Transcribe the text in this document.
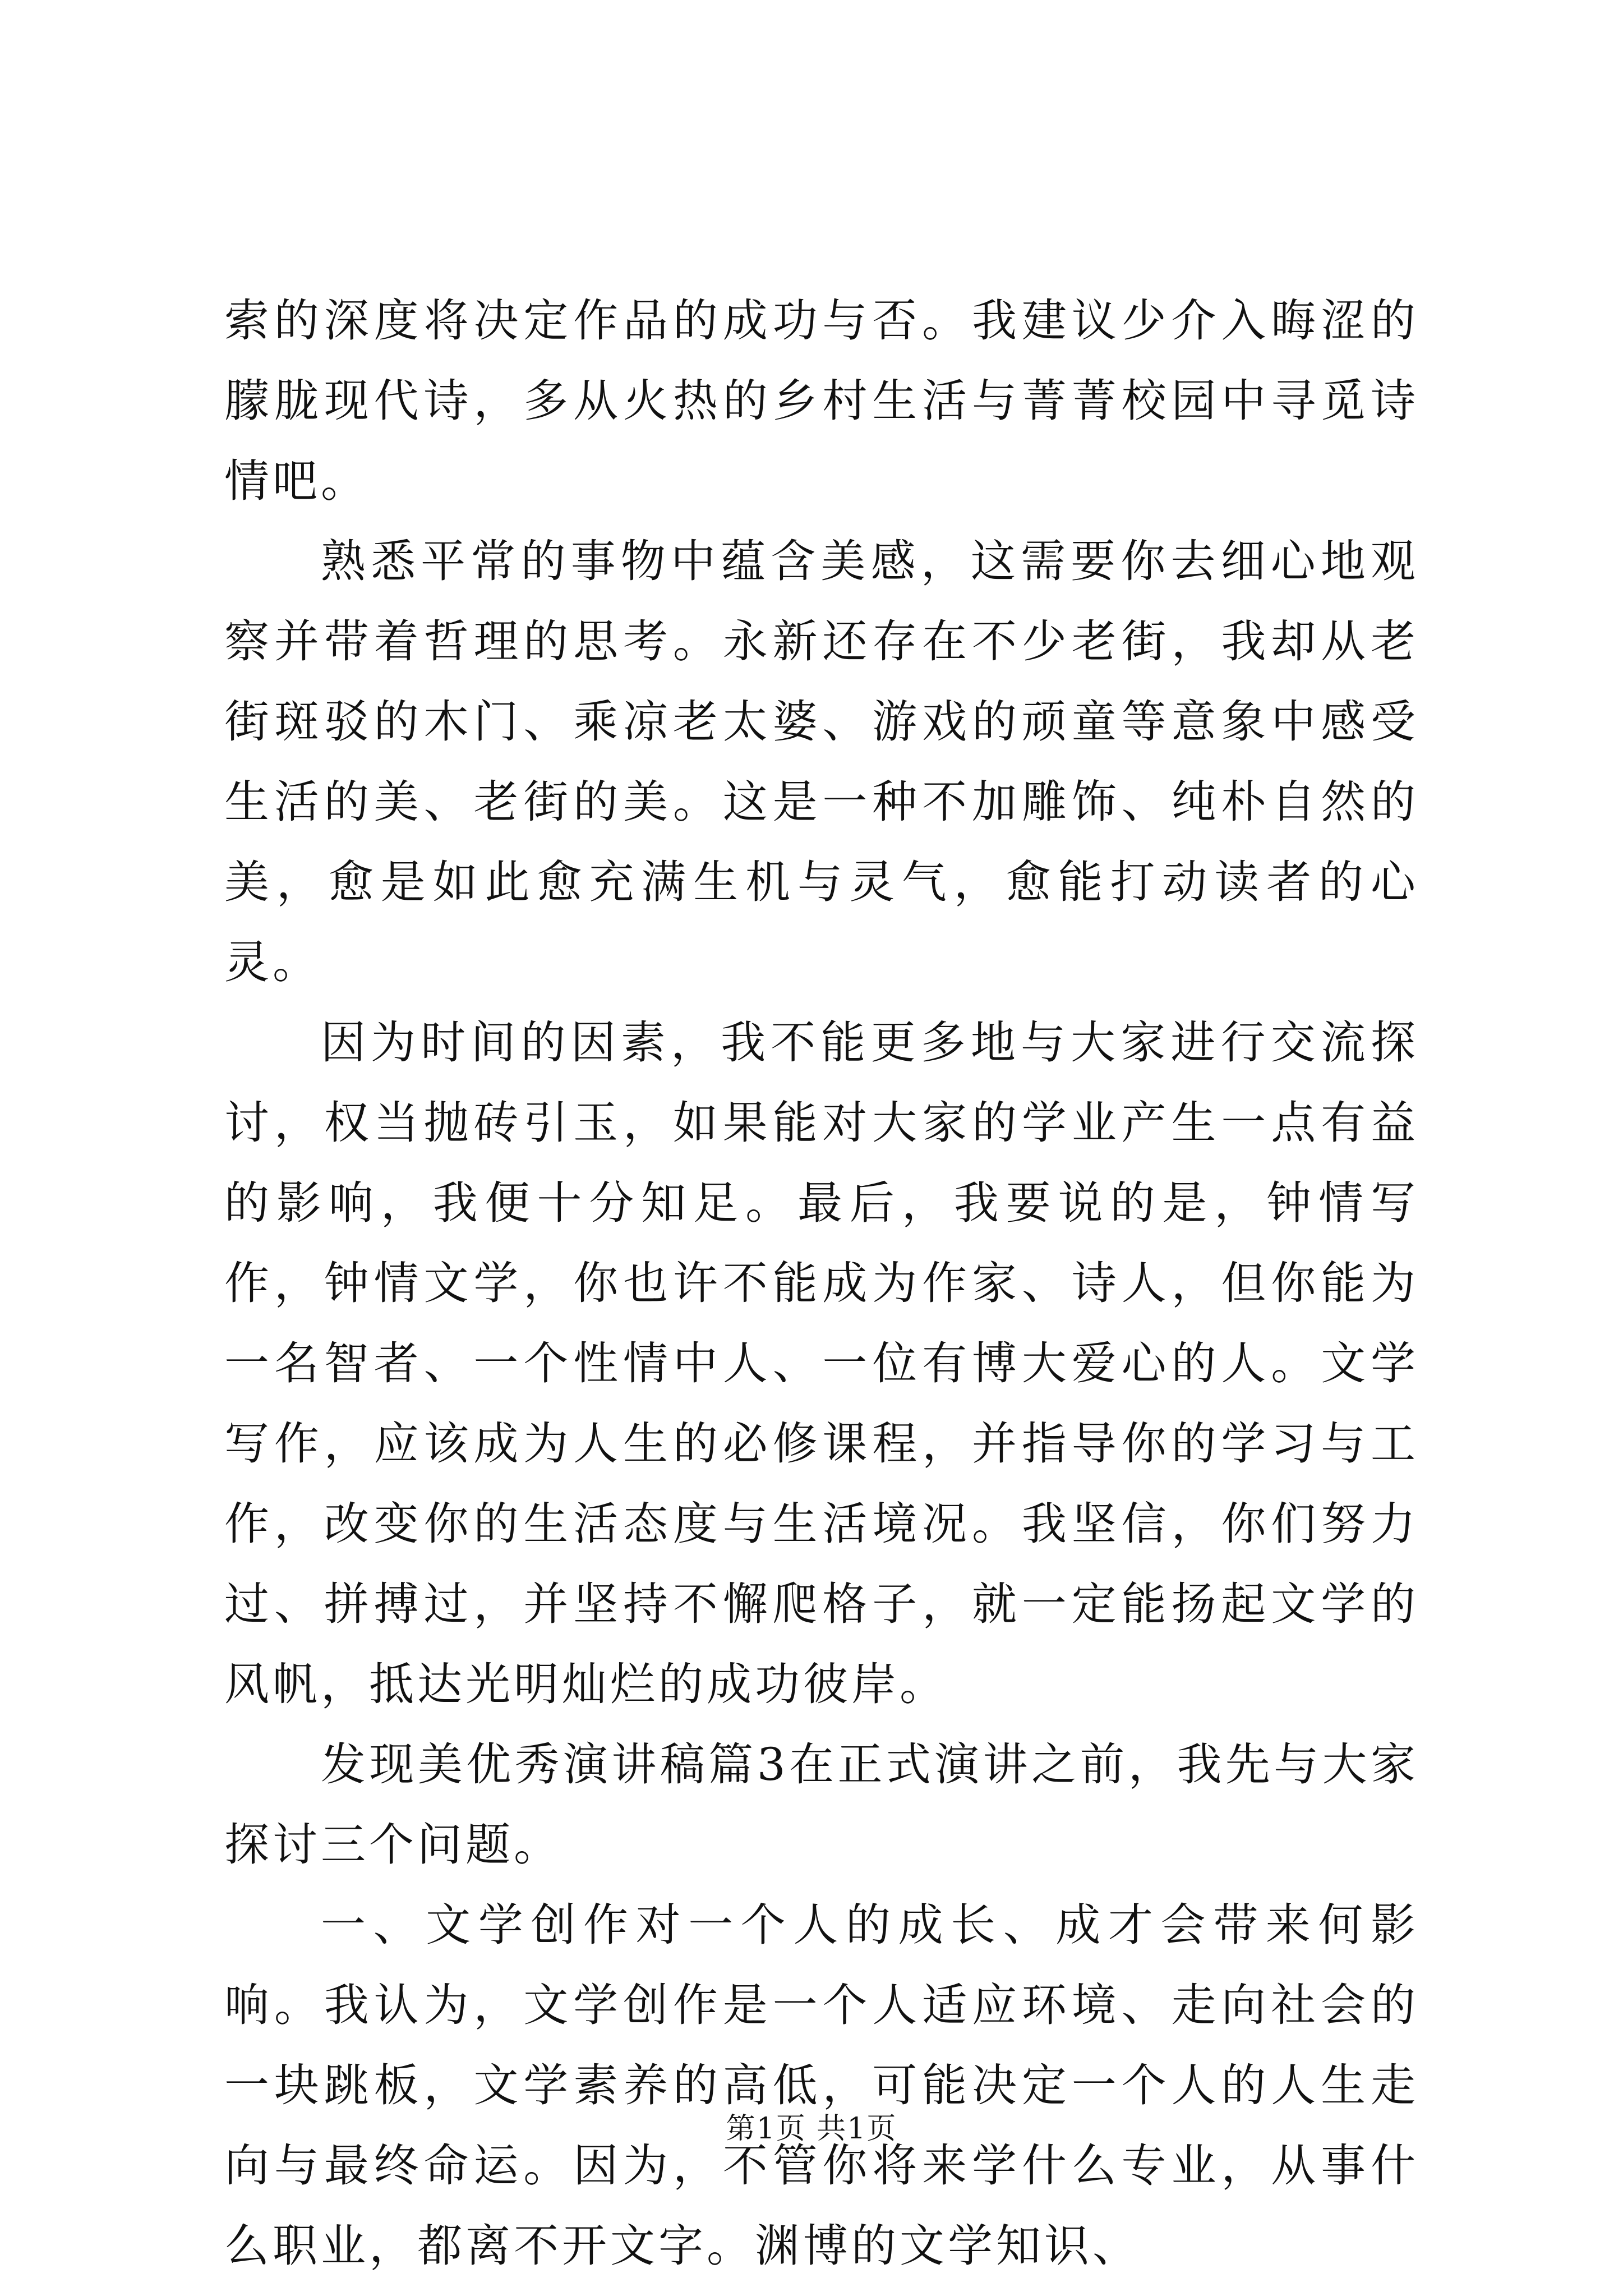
索的深度将决定作品的成功与否。我建议少介入晦涩的朦胧现代诗，多从火热的乡村生活与菁菁校园中寻觅诗情吧。

熟悉平常的事物中蕴含美感，这需要你去细心地观察并带着哲理的思考。永新还存在不少老街，我却从老街斑驳的木门、乘凉老太婆、游戏的顽童等意象中感受生活的美、老街的美。这是一种不加雕饰、纯朴自然的美，愈是如此愈充满生机与灵气，愈能打动读者的心灵。

因为时间的因素，我不能更多地与大家进行交流探讨，权当抛砖引玉，如果能对大家的学业产生一点有益的影响，我便十分知足。最后，我要说的是，钟情写作，钟情文学，你也许不能成为作家、诗人，但你能为一名智者、一个性情中人、一位有博大爱心的人。文学写作，应该成为人生的必修课程，并指导你的学习与工作，改变你的生活态度与生活境况。我坚信，你们努力过、拼搏过，并坚持不懈爬格子，就一定能扬起文学的风帆，抵达光明灿烂的成功彼岸。

发现美优秀演讲稿篇3在正式演讲之前，我先与大家探讨三个问题。

一、文学创作对一个人的成长、成才会带来何影响。我认为，文学创作是一个人适应环境、走向社会的一块跳板，文学素养的高低，可能决定一个人的人生走向与最终命运。因为，不管你将来学什么专业，从事什么职业，都离不开文字。渊博的文学知识、

第1页 共1页
